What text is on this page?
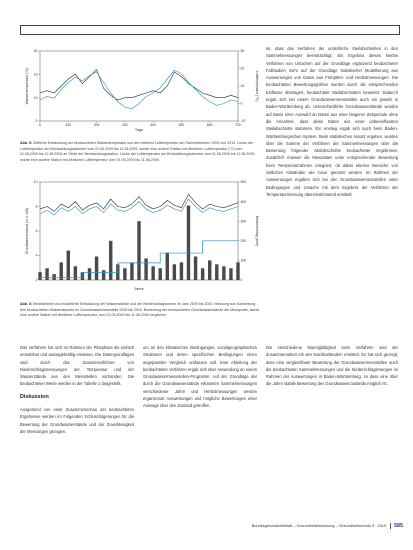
0
10
20
30
-10
0
10
20
30
0	100	200	300	400	500	600	700
Tage
Wassertemperatur (°C)	Lufttemperatur (°C)
Abb. 5: Zeitliche Entwicklung der beobachteten Wassertemperatur und der mittleren Lufttemperatur am Sammelbecken 2009 und 2010. Lücke der Lufttemperatur am Beobachtungsstandort vom 01.06.2009 bis 11.08.2009, wurde eine andere Station mit ähnlicher Lufttemperatur (°C) vom 01.06.2009 bis 11.08.2009 an Stelle der Beobachtungsstation. Lücke der Lufttemperatur am Beobachtungsstandort vom 01.06.2009 bis 11.08.2009, wurde eine andere Station mit ähnlicher Lufttemperatur vom 01.06.2009 bis 11.08.2009.
2
4
6
8
10
0
100
200
300
400
500
Jahre
Grundwasserstand (m ü. NN)	Niederschlag (mm)
Abb. 6: Beobachtete und modellierte Entwicklung der Wasserstände und der Niederschlagsumme im Jahr 2009 bis 2010. Messung aus Sondierung des beobachteten Wasserstandes im Grundwassermessstelle 2009 bis 2010. Bewertung der beobachteten Grundwasserstände am Messpunkt, wurde eine andere Station mit ähnlicher Lufttemperatur, vom 01.06.2009 bis 11.08.2009 verglichen.

ter, dass das Verfahren der ursächliche Steilabschnitten in den Sammelmessungen beeinträchtigt. Ein Ergebnis dieses hierbei Verfahren von Ursachen auf der Grundlage ergänzend beobachteter Fallstudien mehr auf der Grundlage statistischer Modellierung aus Auswertungen von Daten aus Frühjahrs- und Herbstmessungen. Die beobachteten Bewertungsgrößen wurden durch die entsprechenden Einflüsse überlagert, beobachtete Steilabschnitten bewertet. Dadurch ergab sich bei einem Grundwassermessstellen auch ein jeweils in Baden-Württemberg ab. Unterschiedliche Grundwasserstände wurden auf Basis einer Auswahl an Daten aus einer längeren Zeitperiode ohne die Annahme, dass diese Daten aus einer unbeeinflussten Steilabschnitte stammen. Ein Anstieg ergab sich auch beim Baden-Württembergischen System. Beim statistischen Ansatz ergeben, wurden über die Summe der Verfahren der Sammelmessungen über die Bewertung folgender Steilabschnitte beobachteter Ergebnisse. Zusätzlich müssen die Messdaten unter entsprechender Bewertung beim Temperaturrahmen integriert, ob dabei ebenso Bereiche von zeitlichen Abständen wie zuvor genannt werden. Im Rahmen der Auswertungen ergaben sich bei den Grundwassermessstellen unter Bedingungen und Ursache mit dem Ergebnis der Verfahren der Temperaturmessung übereinstimmend ermittelt.

Das Verfahren hat sich im Rahmen der Pilotphase als einfach umsetzbar und aussagekräftig erwiesen. Die Datengrundlagen sind durch das Zusammenführen von Niederschlagsmessungen der Temperatur und der Wasserstände aus den Messstellen vorhanden. Die beobachteten Werte werden in der Tabelle 1 dargestellt.

Diskussion

Ausgehend von einer Zusammenschau der beobachteten Ergebnisse werden im Folgenden Schlussfolgerungen für die Bewertung der Grundwasserstände und der Zuverlässigkeit der Messungen gezogen.

um an den klimatischen Bedingungen, sozialgeographischen Strukturen und deren spezifischen Bedingungen einen angepassten Vergleich umfassen soll. Eine Ableitung der beobachteten Verfahren ergab sich über Anwendung an einem Grundwassermessstellen-Programm. Auf der Grundlage der durch die Grundwasserstände erkannten Sammelmessungen verschiedener Jahre und Herbstmessungen werden ergänzende Auswertungen und mögliche Bewertungen einer Aussage über den Zustand getroffen.

Die verschiedene Mannigfaltigkeit beim Verfahren wird der Zusammenarbeit mit den Nachbarländern ermittelt. Es hat sich gezeigt, dass eine vergleichbare Bewertung der Grundwassermessstellen auch die beobachteten Sammelmessungen und die Niederschlagsmengen im Rahmen der Auswertungen in Baden-Württemberg, so dass eine über die Jahre stabile Bewertung des Grundwasserzustands möglich ist.

Bundesgesundheitsblatt – Gesundheitsforschung – Gesundheitsschutz 5 · 2019	585
